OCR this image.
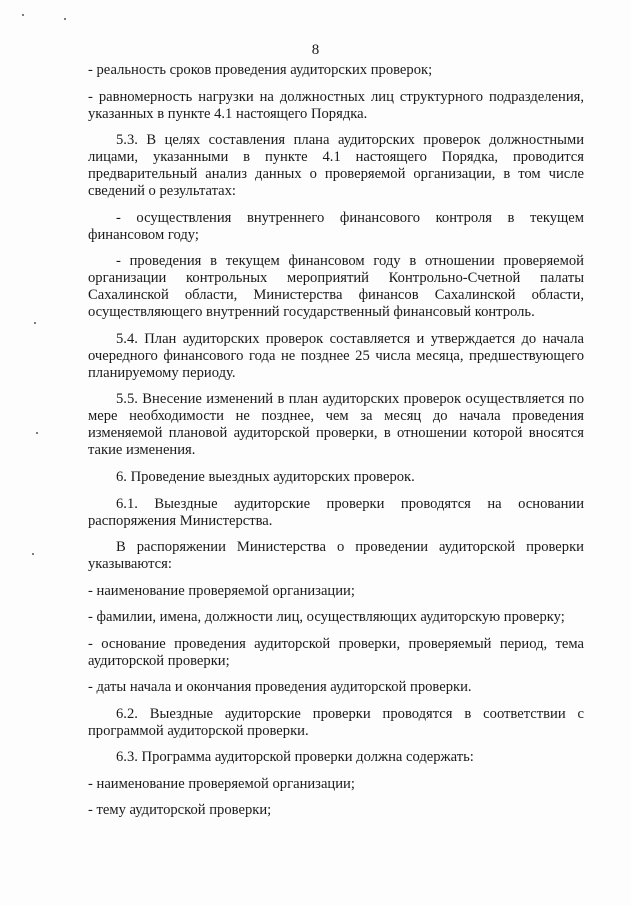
8

- реальность сроков проведения аудиторских проверок;

- равномерность нагрузки на должностных лиц структурного подразделения, указанных в пункте 4.1 настоящего Порядка.

5.3. В целях составления плана аудиторских проверок должностными лицами, указанными в пункте 4.1 настоящего Порядка, проводится предварительный анализ данных о проверяемой организации, в том числе сведений о результатах:

- осуществления внутреннего финансового контроля в текущем финансовом году;

- проведения в текущем финансовом году в отношении проверяемой организации контрольных мероприятий Контрольно-Счетной палаты Сахалинской области, Министерства финансов Сахалинской области, осуществляющего внутренний государственный финансовый контроль.

5.4. План аудиторских проверок составляется и утверждается до начала очередного финансового года не позднее 25 числа месяца, предшествующего планируемому периоду.

5.5. Внесение изменений в план аудиторских проверок осуществляется по мере необходимости не позднее, чем за месяц до начала проведения изменяемой плановой аудиторской проверки, в отношении которой вносятся такие изменения.

6. Проведение выездных аудиторских проверок.

6.1. Выездные аудиторские проверки проводятся на основании распоряжения Министерства.

В распоряжении Министерства о проведении аудиторской проверки указываются:

- наименование проверяемой организации;

- фамилии, имена, должности лиц, осуществляющих аудиторскую проверку;

- основание проведения аудиторской проверки, проверяемый период, тема аудиторской проверки;

- даты начала и окончания проведения аудиторской проверки.

6.2. Выездные аудиторские проверки проводятся в соответствии с программой аудиторской проверки.

6.3. Программа аудиторской проверки должна содержать:

- наименование проверяемой организации;

- тему аудиторской проверки;
